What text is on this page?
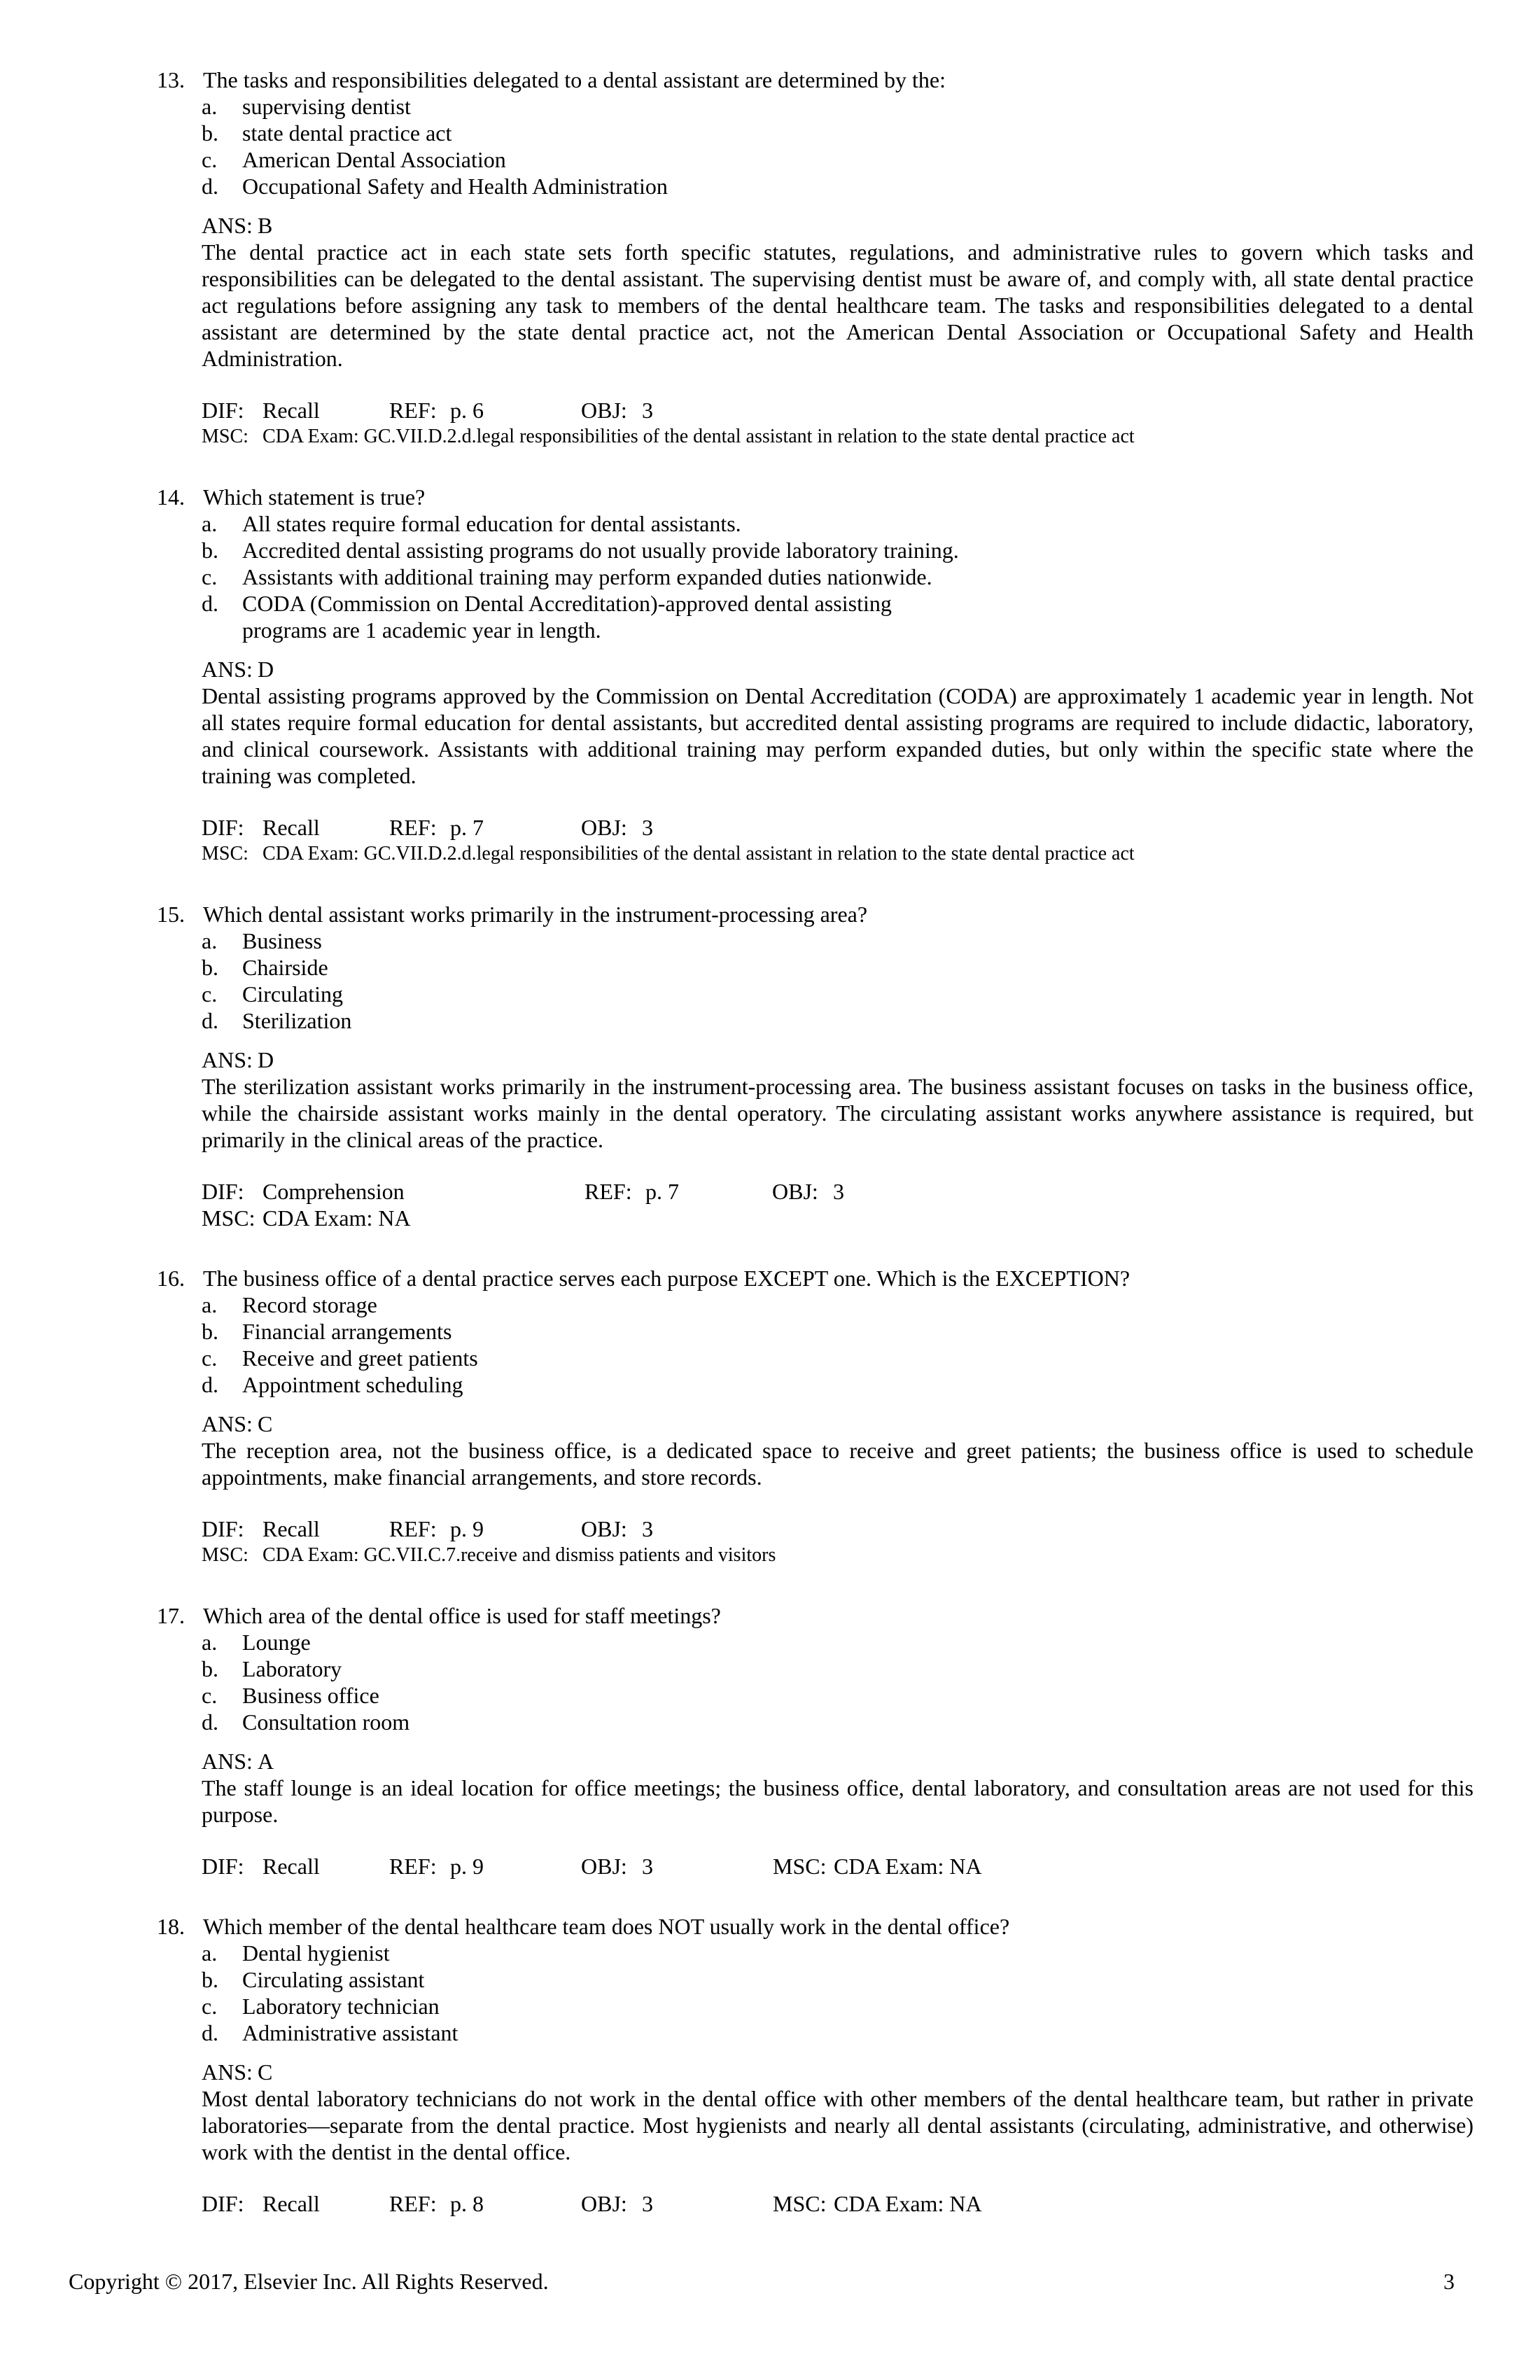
13. The tasks and responsibilities delegated to a dental assistant are determined by the:
a.	supervising dentist
b.	state dental practice act
c.	American Dental Association
d.	Occupational Safety and Health Administration
ANS: B
The dental practice act in each state sets forth specific statutes, regulations, and administrative rules to govern which tasks and responsibilities can be delegated to the dental assistant. The supervising dentist must be aware of, and comply with, all state dental practice act regulations before assigning any task to members of the dental healthcare team. The tasks and responsibilities delegated to a dental assistant are determined by the state dental practice act, not the American Dental Association or Occupational Safety and Health Administration.
DIF: Recall	REF: p. 6	OBJ: 3
MSC: CDA Exam: GC.VII.D.2.d.legal responsibilities of the dental assistant in relation to the state dental practice act
14. Which statement is true?
a.	All states require formal education for dental assistants.
b.	Accredited dental assisting programs do not usually provide laboratory training.
c.	Assistants with additional training may perform expanded duties nationwide.
d.	CODA (Commission on Dental Accreditation)-approved dental assisting programs are 1 academic year in length.
ANS: D
Dental assisting programs approved by the Commission on Dental Accreditation (CODA) are approximately 1 academic year in length. Not all states require formal education for dental assistants, but accredited dental assisting programs are required to include didactic, laboratory, and clinical coursework. Assistants with additional training may perform expanded duties, but only within the specific state where the training was completed.
DIF: Recall	REF: p. 7	OBJ: 3
MSC: CDA Exam: GC.VII.D.2.d.legal responsibilities of the dental assistant in relation to the state dental practice act
15. Which dental assistant works primarily in the instrument-processing area?
a.	Business
b.	Chairside
c.	Circulating
d.	Sterilization
ANS: D
The sterilization assistant works primarily in the instrument-processing area. The business assistant focuses on tasks in the business office, while the chairside assistant works mainly in the dental operatory. The circulating assistant works anywhere assistance is required, but primarily in the clinical areas of the practice.
DIF: Comprehension	REF: p. 7	OBJ: 3
MSC: CDA Exam: NA
16. The business office of a dental practice serves each purpose EXCEPT one. Which is the EXCEPTION?
a.	Record storage
b.	Financial arrangements
c.	Receive and greet patients
d.	Appointment scheduling
ANS: C
The reception area, not the business office, is a dedicated space to receive and greet patients; the business office is used to schedule appointments, make financial arrangements, and store records.
DIF: Recall	REF: p. 9	OBJ: 3
MSC: CDA Exam: GC.VII.C.7.receive and dismiss patients and visitors
17. Which area of the dental office is used for staff meetings?
a.	Lounge
b.	Laboratory
c.	Business office
d.	Consultation room
ANS: A
The staff lounge is an ideal location for office meetings; the business office, dental laboratory, and consultation areas are not used for this purpose.
DIF: Recall	REF: p. 9	OBJ: 3	MSC: CDA Exam: NA
18. Which member of the dental healthcare team does NOT usually work in the dental office?
a.	Dental hygienist
b.	Circulating assistant
c.	Laboratory technician
d.	Administrative assistant
ANS: C
Most dental laboratory technicians do not work in the dental office with other members of the dental healthcare team, but rather in private laboratories—separate from the dental practice. Most hygienists and nearly all dental assistants (circulating, administrative, and otherwise) work with the dentist in the dental office.
DIF: Recall	REF: p. 8	OBJ: 3	MSC: CDA Exam: NA
Copyright © 2017, Elsevier Inc. All Rights Reserved.	3
